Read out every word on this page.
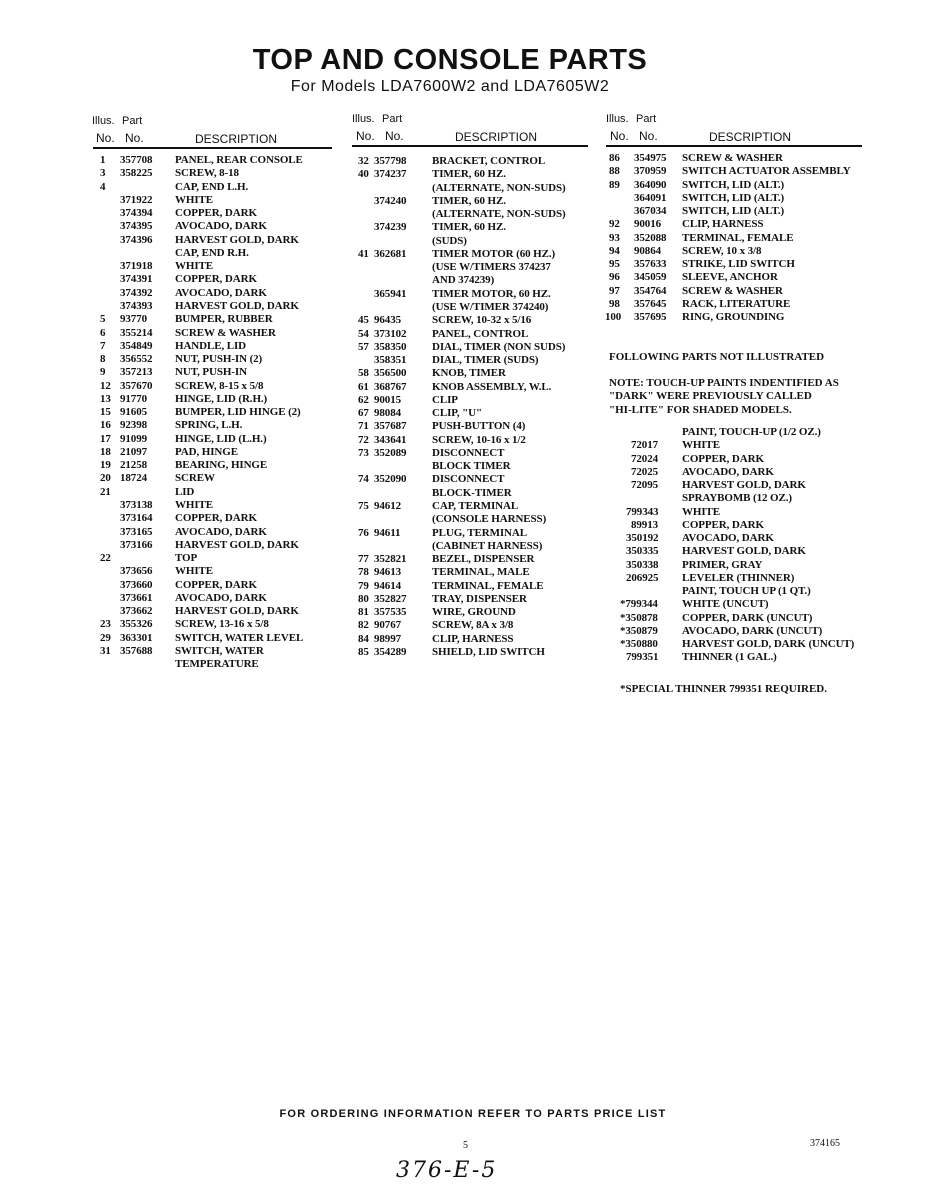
TOP AND CONSOLE PARTS
For Models LDA7600W2 and LDA7605W2
FOR ORDERING INFORMATION REFER TO PARTS PRICE LIST
5	374165
376-E-5
Illus. Part
No. No.	DESCRIPTION
1 357708 PANEL, REAR CONSOLE
3 358225 SCREW, 8-18
4	CAP, END L.H.
371922 WHITE
374394 COPPER, DARK
374395 AVOCADO, DARK
374396 HARVEST GOLD, DARK
CAP, END R.H.
371918 WHITE
374391 COPPER, DARK
374392 AVOCADO, DARK
374393 HARVEST GOLD, DARK
5 93770	BUMPER, RUBBER
6 355214 SCREW & WASHER
7 354849 HANDLE, LID
8 356552 NUT, PUSH-IN (2)
9 357213 NUT, PUSH-IN
12 357670 SCREW, 8-15 x 5/8
13 91770	HINGE, LID (R.H.)
15 91605	BUMPER, LID HINGE (2)
16 92398	SPRING, L.H.
17 91099	HINGE, LID (L.H.)
18 21097	PAD, HINGE
19 21258	BEARING, HINGE
20 18724	SCREW
21	LID
373138 WHITE
373164 COPPER, DARK
373165 AVOCADO, DARK
373166 HARVEST GOLD, DARK
22	TOP
373656 WHITE
373660 COPPER, DARK
373661 AVOCADO, DARK
373662 HARVEST GOLD, DARK
23 355326 SCREW, 13-16 x 5/8
29 363301 SWITCH, WATER LEVEL
31 357688 SWITCH, WATER
TEMPERATURE
Illus. Part
No. No.	DESCRIPTION
32 357798 BRACKET, CONTROL
40 374237 TIMER, 60 HZ.
(ALTERNATE, NON-SUDS)
374240 TIMER, 60 HZ.
(ALTERNATE, NON-SUDS)
374239 TIMER, 60 HZ.
(SUDS)
41 362681 TIMER MOTOR (60 HZ.)
(USE W/TIMERS 374237
AND 374239)
365941 TIMER MOTOR, 60 HZ.
(USE W/TIMER 374240)
45 96435	SCREW, 10-32 x 5/16
54 373102 PANEL, CONTROL
57 358350 DIAL, TIMER (NON SUDS)
358351 DIAL, TIMER (SUDS)
58 356500 KNOB, TIMER
61 368767 KNOB ASSEMBLY, W.L.
62 90015	CLIP
67 98084	CLIP, "U"
71 357687 PUSH-BUTTON (4)
72 343641 SCREW, 10-16 x 1/2
73 352089 DISCONNECT
BLOCK TIMER
74 352090 DISCONNECT
BLOCK-TIMER
75 94612	CAP, TERMINAL
(CONSOLE HARNESS)
76 94611	PLUG, TERMINAL
(CABINET HARNESS)
77 352821 BEZEL, DISPENSER
78 94613	TERMINAL, MALE
79 94614	TERMINAL, FEMALE
80 352827 TRAY, DISPENSER
81 357535 WIRE, GROUND
82 90767	SCREW, 8A x 3/8
84 98997	CLIP, HARNESS
85 354289 SHIELD, LID SWITCH
Illus. Part
No. No.	DESCRIPTION
86 354975 SCREW & WASHER
88 370959 SWITCH ACTUATOR ASSEMBLY
89 364090 SWITCH, LID (ALT.)
364091 SWITCH, LID (ALT.)
367034 SWITCH, LID (ALT.)
92 90016 CLIP, HARNESS
93 352088 TERMINAL, FEMALE
94 90864 SCREW, 10 x 3/8
95 357633 STRIKE, LID SWITCH
96 345059 SLEEVE, ANCHOR
97 354764 SCREW & WASHER
98 357645 RACK, LITERATURE
100 357695 RING, GROUNDING
FOLLOWING PARTS NOT ILLUSTRATED
NOTE: TOUCH-UP PAINTS INDENTIFIED AS
"DARK" WERE PREVIOUSLY CALLED
"HI-LITE" FOR SHADED MODELS.
PAINT, TOUCH-UP (1/2 OZ.)
72017 WHITE
72024 COPPER, DARK
72025 AVOCADO, DARK
72095 HARVEST GOLD, DARK
SPRAYBOMB (12 OZ.)
799343 WHITE
89913 COPPER, DARK
350192 AVOCADO, DARK
350335 HARVEST GOLD, DARK
350338 PRIMER, GRAY
206925 LEVELER (THINNER)
PAINT, TOUCH UP (1 QT.)
*799344 WHITE (UNCUT)
*350878 COPPER, DARK (UNCUT)
*350879 AVOCADO, DARK (UNCUT)
*350880 HARVEST GOLD, DARK (UNCUT)
799351 THINNER (1 GAL.)
*SPECIAL THINNER 799351 REQUIRED.
